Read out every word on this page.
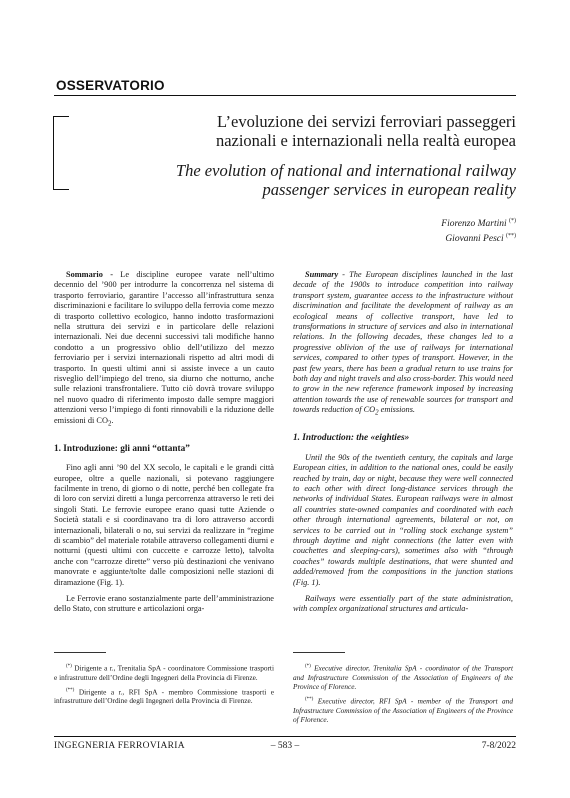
OSSERVATORIO
L’evoluzione dei servizi ferroviari passeggeri
nazionali e internazionali nella realtà europea
The evolution of national and international railway
passenger services in european reality
Fiorenzo Martini (*)
Giovanni Pesci (**)

Sommario - Le discipline europee varate nell’ultimo decennio del ’900 per introdurre la concorrenza nel sistema di trasporto ferroviario, garantire l’accesso all’infrastruttura senza discriminazioni e facilitare lo sviluppo della ferrovia come mezzo di trasporto collettivo ecologico, hanno indotto trasformazioni nella struttura dei servizi e in particolare delle relazioni internazionali. Nei due decenni successivi tali modifiche hanno condotto a un progressivo oblio dell’utilizzo del mezzo ferroviario per i servizi internazionali rispetto ad altri modi di trasporto. In questi ultimi anni si assiste invece a un cauto risveglio dell’impiego del treno, sia diurno che notturno, anche sulle relazioni transfrontaliere. Tutto ciò dovrà trovare sviluppo nel nuovo quadro di riferimento imposto dalle sempre maggiori attenzioni verso l’impiego di fonti rinnovabili e la riduzione delle emissioni di $CO_2$.

1. Introduzione: gli anni “ottanta”

Fino agli anni ’90 del XX secolo, le capitali e le grandi città europee, oltre a quelle nazionali, si potevano raggiungere facilmente in treno, di giorno o di notte, perché ben collegate fra di loro con servizi diretti a lunga percorrenza attraverso le reti dei singoli Stati. Le ferrovie europee erano quasi tutte Aziende o Società statali e si coordinavano tra di loro attraverso accordi internazionali, bilaterali o no, sui servizi da realizzare in “regime di scambio” del materiale rotabile attraverso collegamenti diurni e notturni (questi ultimi con cuccette e carrozze letto), talvolta anche con “carrozze dirette” verso più destinazioni che venivano manovrate e aggiunte/tolte dalle composizioni nelle stazioni di diramazione (Fig. 1).

Le Ferrovie erano sostanzialmente parte dell’amministrazione dello Stato, con strutture e articolazioni orga-

Summary - The European disciplines launched in the last decade of the 1900s to introduce competition into railway transport system, guarantee access to the infrastructure without discrimination and facilitate the development of railway as an ecological means of collective transport, have led to transformations in structure of services and also in international relations. In the following decades, these changes led to a progressive oblivion of the use of railways for international services, compared to other types of transport. However, in the past few years, there has been a gradual return to use trains for both day and night travels and also cross-border. This would need to grow in the new reference framework imposed by increasing attention towards the use of renewable sources for transport and towards reduction of $CO_2$ emissions.

1. Introduction: the «eighties»

Until the 90s of the twentieth century, the capitals and large European cities, in addition to the national ones, could be easily reached by train, day or night, because they were well connected to each other with direct long-distance services through the networks of individual States. European railways were in almost all countries state-owned companies and coordinated with each other through international agreements, bilateral or not, on services to be carried out in “rolling stock exchange system” through daytime and night connections (the latter even with couchettes and sleeping-cars), sometimes also with “through coaches” towards multiple destinations, that were shunted and added/removed from the compositions in the junction stations (Fig. 1).

Railways were essentially part of the state administration, with complex organizational structures and articula-

(*) Dirigente a r., Trenitalia SpA - coordinatore Commissione trasporti e infrastrutture dell’Ordine degli Ingegneri della Provincia di Firenze.

(**) Dirigente a r., RFI SpA - membro Commissione trasporti e infrastrutture dell’Ordine degli Ingegneri della Provincia di Firenze.

(*) Executive director, Trenitalia SpA - coordinator of the Transport and Infrastructure Commission of the Association of Engineers of the Province of Florence.

(**) Executive director, RFI SpA - member of the Transport and Infrastructure Commission of the Association of Engineers of the Province of Florence.

INGEGNERIA FERROVIARIA	– 583 –	7-8/2022
